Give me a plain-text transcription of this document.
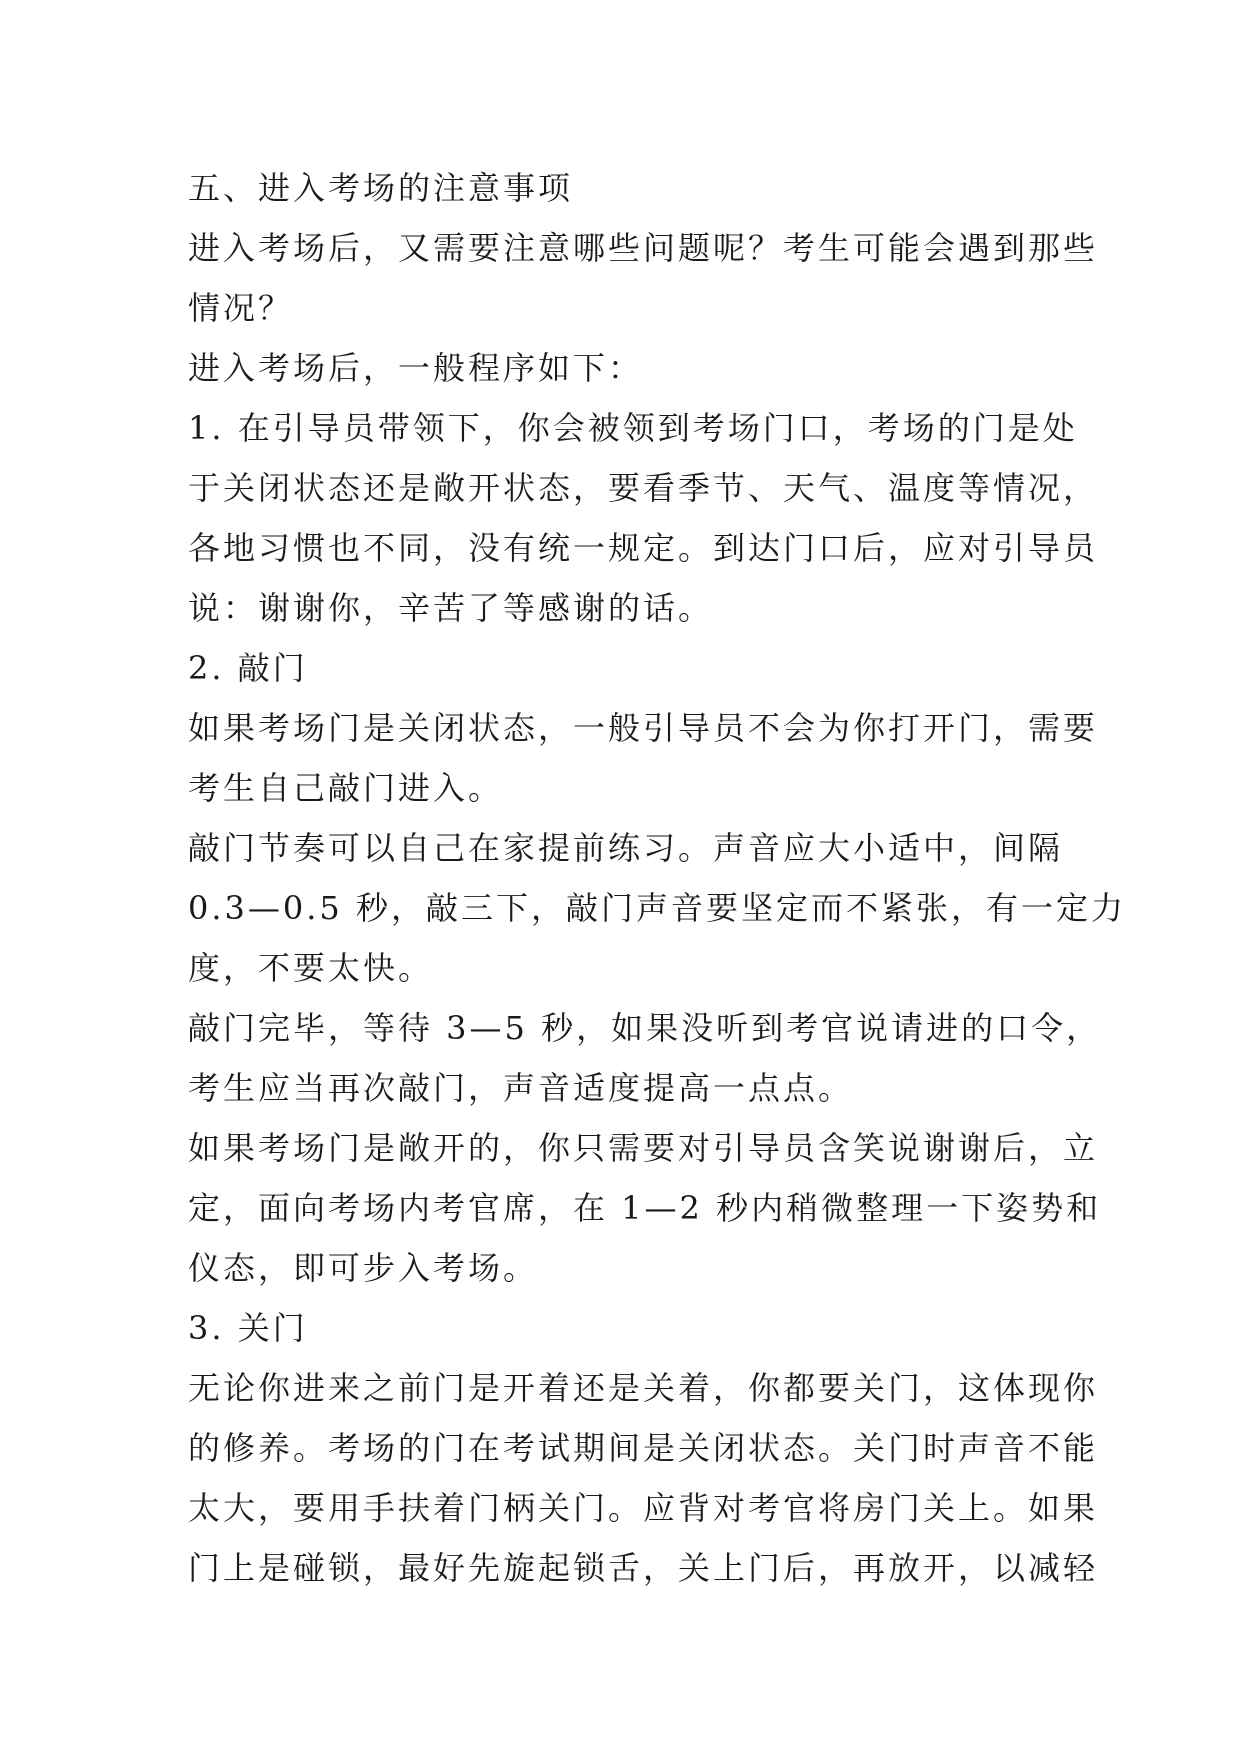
五、进入考场的注意事项
进入考场后，又需要注意哪些问题呢？考生可能会遇到那些
情况？
进入考场后，一般程序如下：
1. 在引导员带领下，你会被领到考场门口，考场的门是处
于关闭状态还是敞开状态，要看季节、天气、温度等情况，
各地习惯也不同，没有统一规定。到达门口后，应对引导员
说：谢谢你，辛苦了等感谢的话。
2. 敲门
如果考场门是关闭状态，一般引导员不会为你打开门，需要
考生自己敲门进入。
敲门节奏可以自己在家提前练习。声音应大小适中，间隔
0.3—0.5 秒，敲三下，敲门声音要坚定而不紧张，有一定力
度，不要太快。
敲门完毕，等待 3—5 秒，如果没听到考官说请进的口令，
考生应当再次敲门，声音适度提高一点点。
如果考场门是敞开的，你只需要对引导员含笑说谢谢后，立
定，面向考场内考官席，在 1—2 秒内稍微整理一下姿势和
仪态，即可步入考场。
3. 关门
无论你进来之前门是开着还是关着，你都要关门，这体现你
的修养。考场的门在考试期间是关闭状态。关门时声音不能
太大，要用手扶着门柄关门。应背对考官将房门关上。如果
门上是碰锁，最好先旋起锁舌，关上门后，再放开，以减轻
